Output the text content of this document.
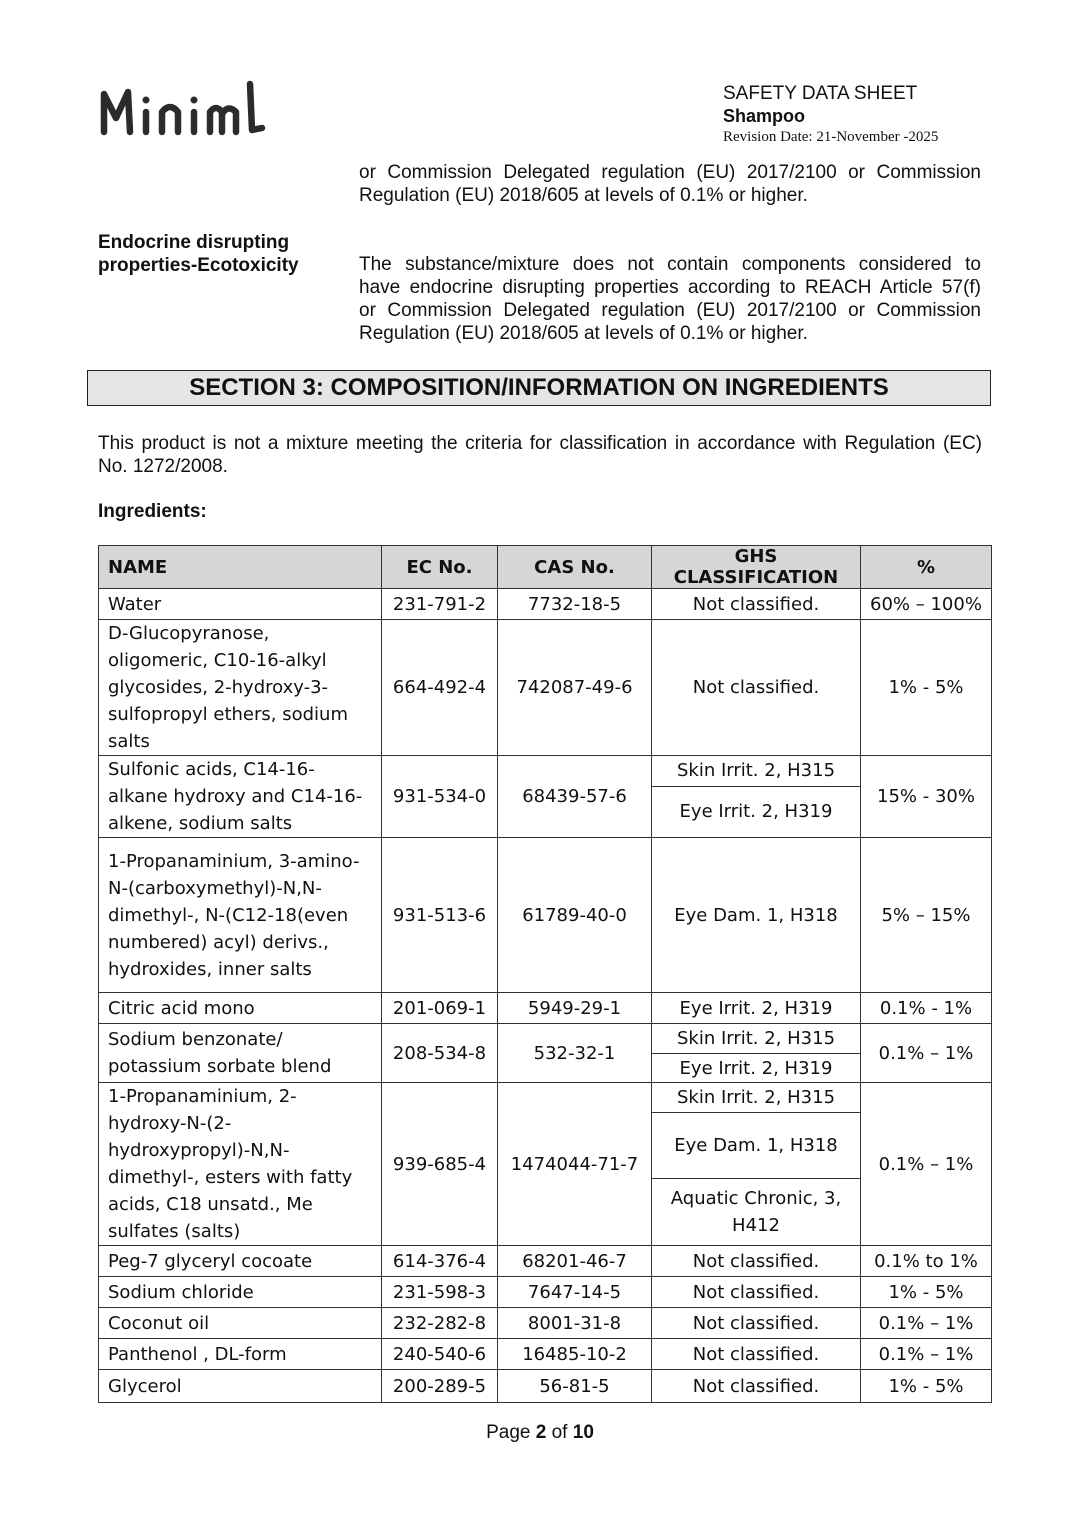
SAFETY DATA SHEET
Shampoo
Revision Date: 21-November -2025
or Commission Delegated regulation (EU) 2017/2100 or Commission
Regulation (EU) 2018/605 at levels of 0.1% or higher.
Endocrine disrupting
properties-Ecotoxicity	The substance/mixture does not contain components considered to
have endocrine disrupting properties according to REACH Article 57(f)
or Commission Delegated regulation (EU) 2017/2100 or Commission
Regulation (EU) 2018/605 at levels of 0.1% or higher.
SECTION 3: COMPOSITION/INFORMATION ON INGREDIENTS
This product is not a mixture meeting the criteria for classification in accordance with Regulation (EC)
No. 1272/2008.
Ingredients:
NAME	EC No.	CAS No.	GHS CLASSIFICATION	%
Water	231-791-2	7732-18-5	Not classified.	60% – 100%
D-Glucopyranose, oligomeric, C10-16-alkyl glycosides, 2-hydroxy-3-sulfopropyl ethers, sodium salts	664-492-4	742087-49-6	Not classified.	1% - 5%
Sulfonic acids, C14-16-alkane hydroxy and C14-16-alkene, sodium salts	931-534-0	68439-57-6	Skin Irrit. 2, H315	15% - 30%
			Eye Irrit. 2, H319	
1-Propanaminium, 3-amino-N-(carboxymethyl)-N,N-dimethyl-, N-(C12-18(even numbered) acyl) derivs., hydroxides, inner salts	931-513-6	61789-40-0	Eye Dam. 1, H318	5% – 15%
Citric acid mono	201-069-1	5949-29-1	Eye Irrit. 2, H319	0.1% - 1%
Sodium benzonate/ potassium sorbate blend	208-534-8	532-32-1	Skin Irrit. 2, H315	0.1% – 1%
			Eye Irrit. 2, H319	
1-Propanaminium, 2-hydroxy-N-(2-hydroxypropyl)-N,N-dimethyl-, esters with fatty acids, C18 unsatd., Me sulfates (salts)	939-685-4	1474044-71-7	Skin Irrit. 2, H315	0.1% – 1%
			Eye Dam. 1, H318	
			Aquatic Chronic, 3, H412	
Peg-7 glyceryl cocoate	614-376-4	68201-46-7	Not classified.	0.1% to 1%
Sodium chloride	231-598-3	7647-14-5	Not classified.	1% - 5%
Coconut oil	232-282-8	8001-31-8	Not classified.	0.1% – 1%
Panthenol , DL-form	240-540-6	16485-10-2	Not classified.	0.1% – 1%
Glycerol	200-289-5	56-81-5	Not classified.	1% - 5%
Page 2 of 10
